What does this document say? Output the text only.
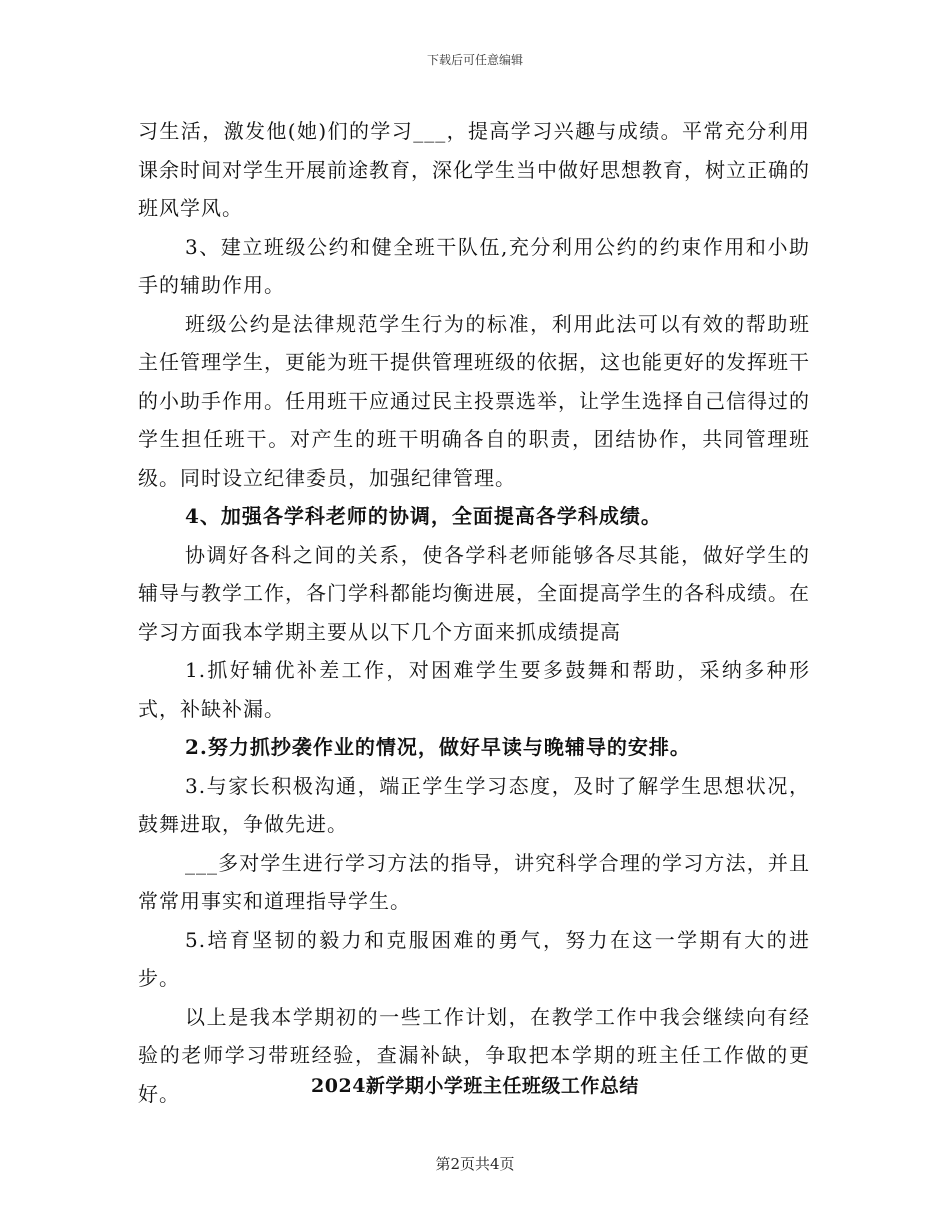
下载后可任意编辑

习生活，激发他(她)们的学习___，提高学习兴趣与成绩。平常充分利用课余时间对学生开展前途教育，深化学生当中做好思想教育，树立正确的班风学风。

3、建立班级公约和健全班干队伍,充分利用公约的约束作用和小助手的辅助作用。

班级公约是法律规范学生行为的标准，利用此法可以有效的帮助班主任管理学生，更能为班干提供管理班级的依据，这也能更好的发挥班干的小助手作用。任用班干应通过民主投票选举，让学生选择自己信得过的学生担任班干。对产生的班干明确各自的职责，团结协作，共同管理班级。同时设立纪律委员，加强纪律管理。

4、加强各学科老师的协调，全面提高各学科成绩。

协调好各科之间的关系，使各学科老师能够各尽其能，做好学生的辅导与教学工作，各门学科都能均衡进展，全面提高学生的各科成绩。在学习方面我本学期主要从以下几个方面来抓成绩提高

1.抓好辅优补差工作，对困难学生要多鼓舞和帮助，采纳多种形式，补缺补漏。

2.努力抓抄袭作业的情况，做好早读与晚辅导的安排。

3.与家长积极沟通，端正学生学习态度，及时了解学生思想状况，鼓舞进取，争做先进。

___多对学生进行学习方法的指导，讲究科学合理的学习方法，并且常常用事实和道理指导学生。

5.培育坚韧的毅力和克服困难的勇气，努力在这一学期有大的进步。

以上是我本学期初的一些工作计划，在教学工作中我会继续向有经验的老师学习带班经验，查漏补缺，争取把本学期的班主任工作做的更好。	2024新学期小学班主任班级工作总结
第2页共4页
